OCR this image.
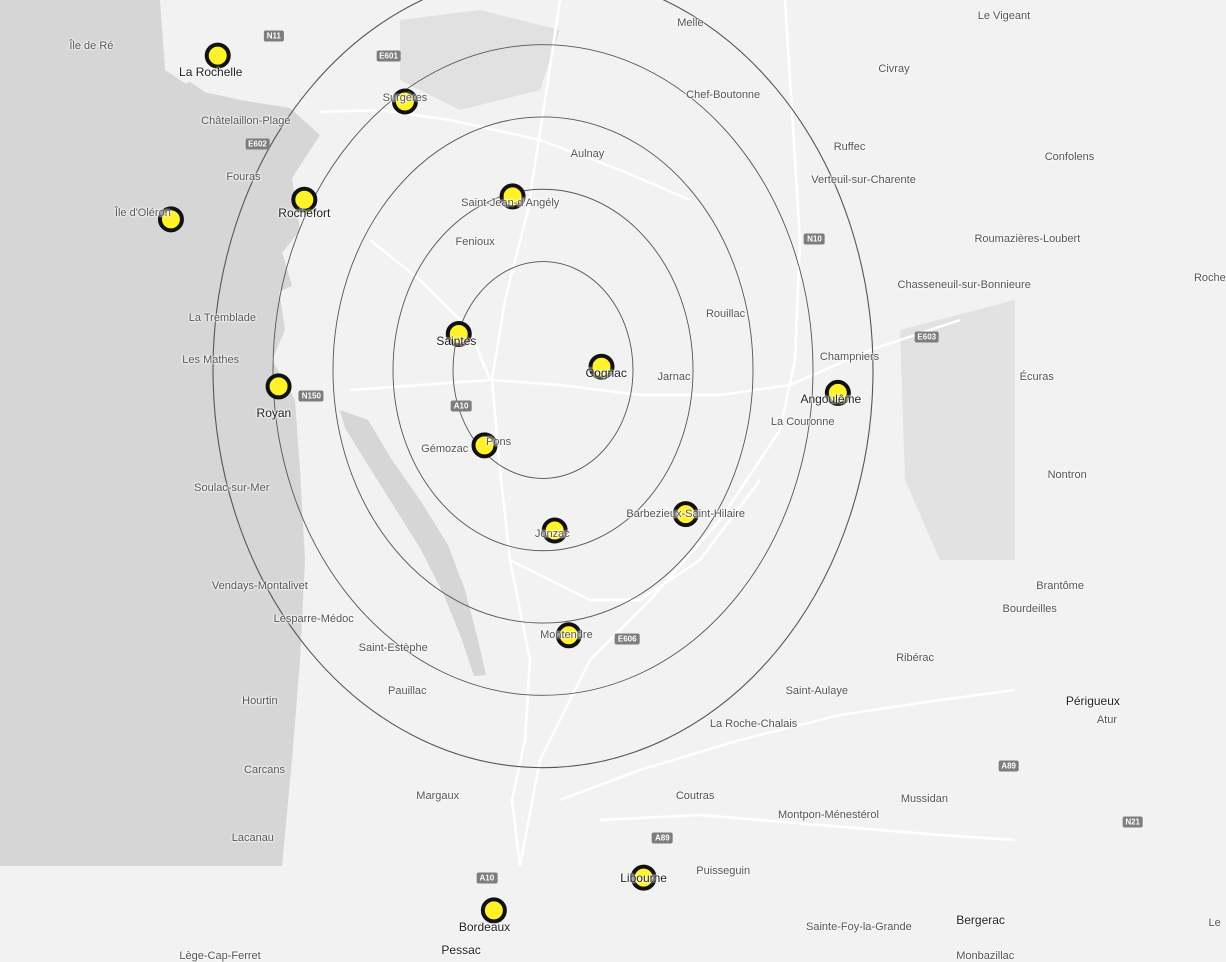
Île de Ré
La Rochelle
Châtelaillon-Plage
Île d'Oléron
Fouras
Rochefort
Surgères
Melle
Le Vigeant
Civray
Chef-Boutonne
Ruffec
Confolens
Aulnay
Verteuil-sur-Charente
Saint-Jean-d'Angély
Roumazières-Loubert
Fenioux
Chasseneuil-sur-Bonnieure
Roche
La Tremblade	Rouillac
Saintes
Les Mathes	Champniers
Cognac	Jarnac	Écuras
Royan
Angoulême
La Couronne
Pons
Gémozac
Nontron
Soulac-sur-Mer
Barbezieux-Saint-Hilaire
Jonzac
Brantôme
Vendays-Montalivet
Bourdeilles
Lesparre-Médoc
Montendre
Saint-Estèphe
Ribérac
Pauillac
Hourtin
Saint-Aulaye
Périgueux
Atur
La Roche-Chalais
Carcans
Mussidan
Margaux	Coutras
Montpon-Ménestérol
Lacanau
Puisseguin
Libourne
Bordeaux	Bergerac	Le
Sainte-Foy-la-Grande
Pessac
Lège-Cap-Ferret	Monbazillac
N11
E601
E602
N10
E603
N150
A10
E606
A89
N21
A89
A10
